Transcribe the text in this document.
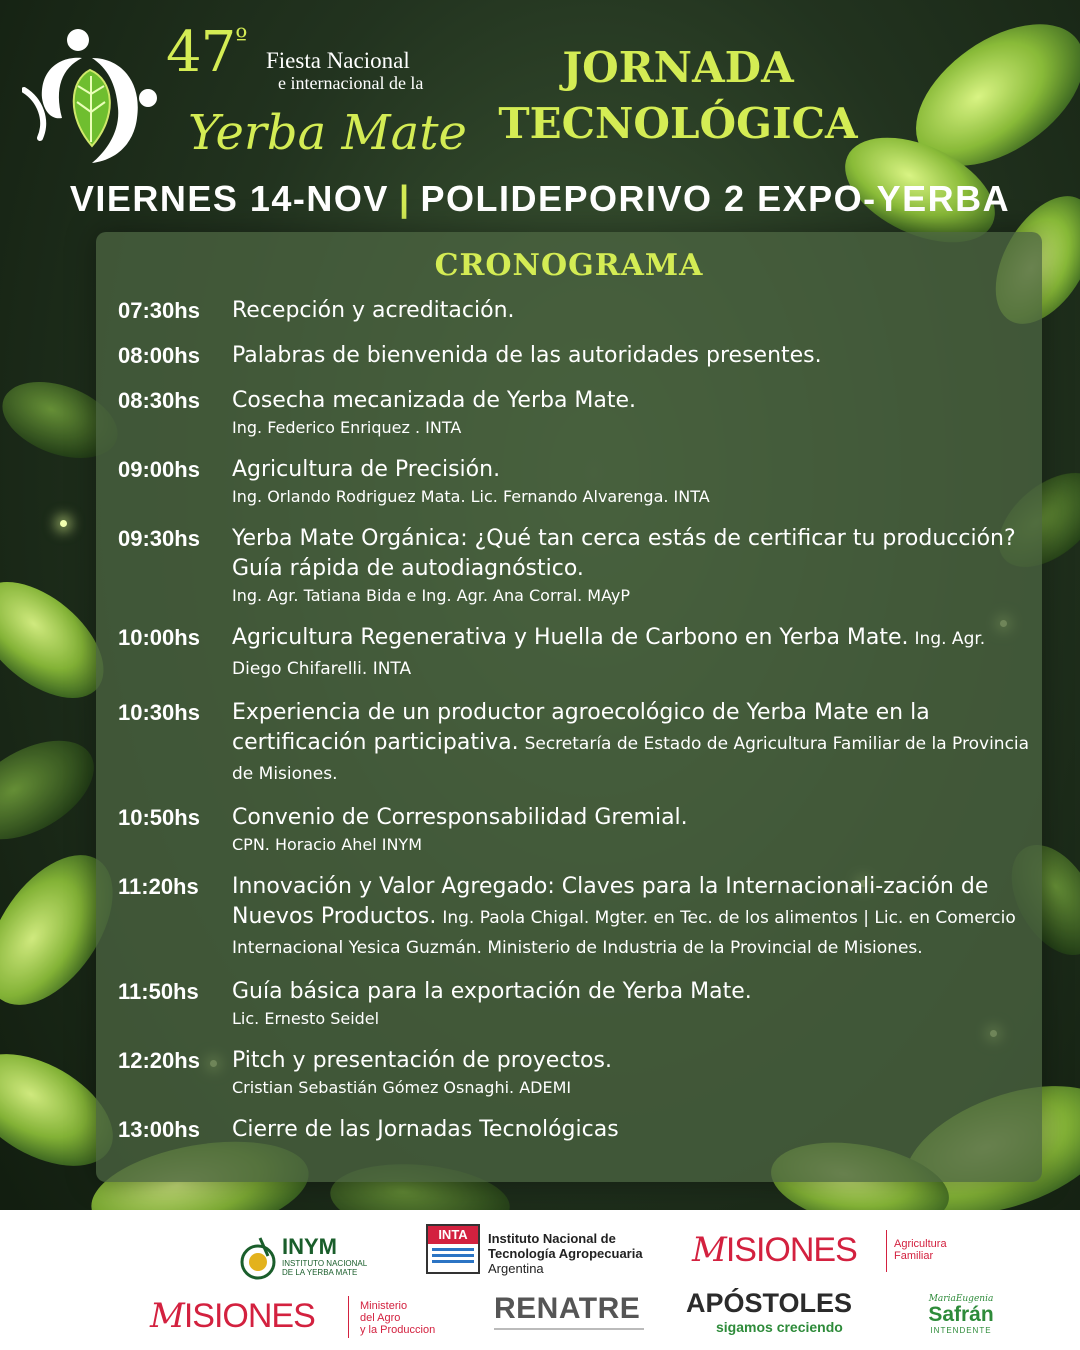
$47^º$
Fiesta Nacional
e internacional de la
Yerba Mate
JORNADA
TECNOLÓGICA
VIERNES 14-NOV | POLIDEPORIVO 2 EXPO-YERBA
CRONOGRAMA
07:30hs	Recepción y acreditación.
08:00hs	Palabras de bienvenida de las autoridades presentes.
08:30hs	Cosecha mecanizada de Yerba Mate.
Ing. Federico Enriquez . INTA
09:00hs	Agricultura de Precisión.
Ing. Orlando Rodriguez Mata. Lic. Fernando Alvarenga. INTA
09:30hs	Yerba Mate Orgánica: ¿Qué tan cerca estás de certificar tu producción? Guía rápida de autodiagnóstico.
Ing. Agr. Tatiana Bida e Ing. Agr. Ana Corral. MAyP
10:00hs	Agricultura Regenerativa y Huella de Carbono en Yerba Mate. Ing. Agr. Diego Chifarelli. INTA
10:30hs	Experiencia de un productor agroecológico de Yerba Mate en la certificación participativa. Secretaría de Estado de Agricultura Familiar de la Provincia de Misiones.
10:50hs	Convenio de Corresponsabilidad Gremial.
CPN. Horacio Ahel INYM
11:20hs	Innovación y Valor Agregado: Claves para la Internacionali-zación de Nuevos Productos. Ing. Paola Chigal. Mgter. en Tec. de los alimentos | Lic. en Comercio Internacional Yesica Guzmán. Ministerio de Industria de la Provincial de Misiones.
11:50hs	Guía básica para la exportación de Yerba Mate.
Lic. Ernesto Seidel
12:20hs	Pitch y presentación de proyectos.
Cristian Sebastián Gómez Osnaghi. ADEMI
13:00hs	Cierre de las Jornadas Tecnológicas
INYM
INSTITUTO NACIONAL
DE LA YERBA MATE
INTA	Instituto Nacional de
Tecnología Agropecuaria
Argentina	MISIONES	Agricultura
Familiar
MISIONES	Ministerio
del Agro
y la Produccion
RENATRE	APÓSTOLES
sigamos creciendo
MariaEugenia
Safrán
INTENDENTE
